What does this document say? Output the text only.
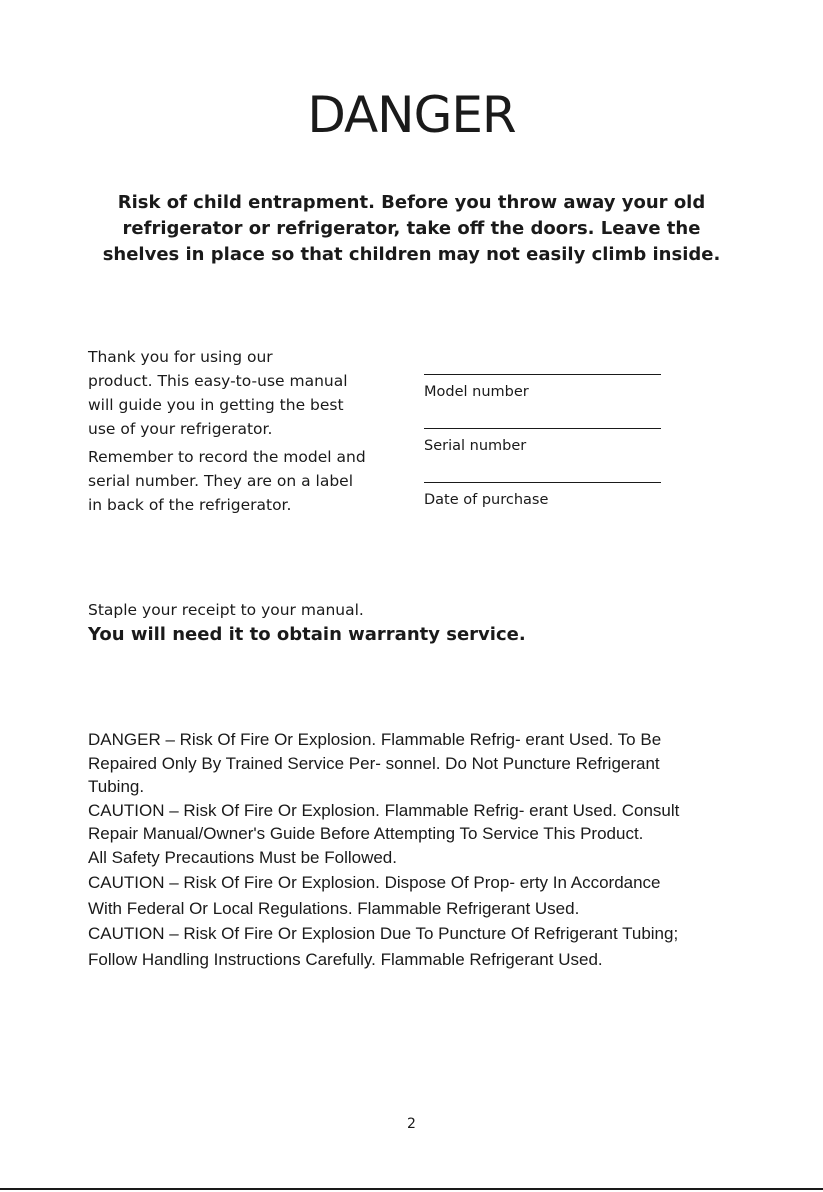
DANGER
Risk of child entrapment. Before you throw away your old
refrigerator or refrigerator, take off the doors. Leave the
shelves in place so that children may not easily climb inside.

Thank you for using our
product. This easy-to-use manual
will guide you in getting the best
use of your refrigerator.

Remember to record the model and
serial number. They are on a label
in back of the refrigerator.

Model number
Serial number
Date of purchase
Staple your receipt to your manual.
You will need it to obtain warranty service.

DANGER – Risk Of Fire Or Explosion. Flammable Refrig- erant Used. To Be

Repaired Only By Trained Service Per- sonnel. Do Not Puncture Refrigerant

Tubing.

CAUTION – Risk Of Fire Or Explosion. Flammable Refrig- erant Used. Consult

Repair Manual/Owner's Guide Before Attempting To Service This Product.

All Safety Precautions Must be Followed.

CAUTION – Risk Of Fire Or Explosion. Dispose Of Prop- erty In Accordance

With Federal Or Local Regulations. Flammable Refrigerant Used.

CAUTION – Risk Of Fire Or Explosion Due To Puncture Of Refrigerant Tubing;

Follow Handling Instructions Carefully. Flammable Refrigerant Used.

2
